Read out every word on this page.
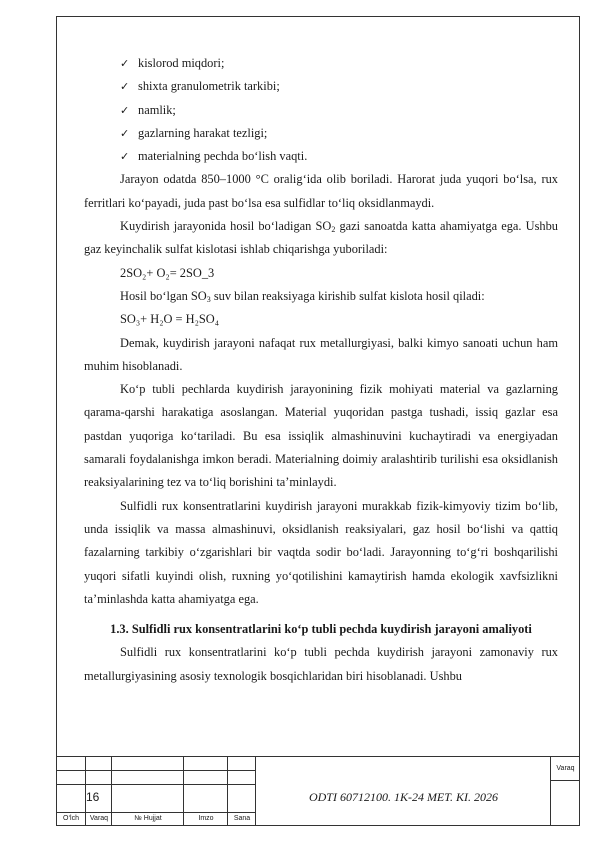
✓ kislorod miqdori;
✓ shixta granulometrik tarkibi;
✓ namlik;
✓ gazlarning harakat tezligi;
✓ materialning pechda bo‘lish vaqti.

Jarayon odatda 850–1000 °C oralig‘ida olib boriladi. Harorat juda yuqori bo‘lsa, rux ferritlari ko‘payadi, juda past bo‘lsa esa sulfidlar to‘liq oksidlanmaydi.

Kuydirish jarayonida hosil bo‘ladigan $SO_2$ gazi sanoatda katta ahamiyatga ega. Ushbu gaz keyinchalik sulfat kislotasi ishlab chiqarishga yuboriladi:

2SO₂+ O₂= 2SO_3

Hosil bo‘lgan $SO_3$ suv bilan reaksiyaga kirishib sulfat kislota hosil qiladi:

SO₃+ H₂O = H₂SO₄

Demak, kuydirish jarayoni nafaqat rux metallurgiyasi, balki kimyo sanoati uchun ham muhim hisoblanadi.

Ko‘p tubli pechlarda kuydirish jarayonining fizik mohiyati material va gazlarning qarama-qarshi harakatiga asoslangan. Material yuqoridan pastga tushadi, issiq gazlar esa pastdan yuqoriga ko‘tariladi. Bu esa issiqlik almashinuvini kuchaytiradi va energiyadan samarali foydalanishga imkon beradi. Materialning doimiy aralashtirib turilishi esa oksidlanish reaksiyalarining tez va to‘liq borishini ta’minlaydi.

Sulfidli rux konsentratlarini kuydirish jarayoni murakkab fizik-kimyoviy tizim bo‘lib, unda issiqlik va massa almashinuvi, oksidlanish reaksiyalari, gaz hosil bo‘lishi va qattiq fazalarning tarkibiy o‘zgarishlari bir vaqtda sodir bo‘ladi. Jarayonning to‘g‘ri boshqarilishi yuqori sifatli kuyindi olish, ruxning yo‘qotilishini kamaytirish hamda ekologik xavfsizlikni ta’minlashda katta ahamiyatga ega.

1.3. Sulfidli rux konsentratlarini ko‘p tubli pechda kuydirish jarayoni amaliyoti

Sulfidli rux konsentratlarini ko‘p tubli pechda kuydirish jarayoni zamonaviy rux metallurgiyasining asosiy texnologik bosqichlaridan biri hisoblanadi. Ushbu

16	ODTI 60712100. 1K-24 MET. KI. 2026
Varaq
O‘lch	Varaq	№ Hujjat	Imzo	Sana
